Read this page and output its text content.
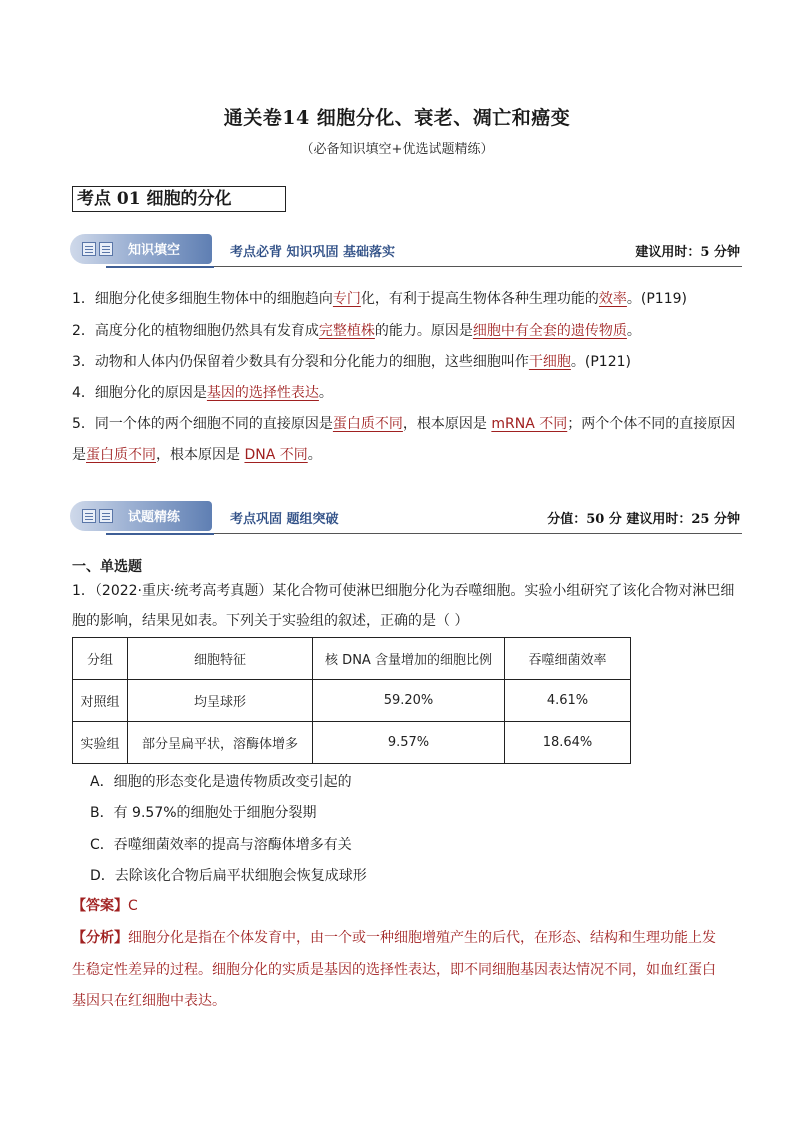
通关卷14 细胞分化、衰老、凋亡和癌变
（必备知识填空+优选试题精练）
考点 01 细胞的分化
知识填空	考点必背 知识巩固 基础落实	建议用时：5 分钟
1．细胞分化使多细胞生物体中的细胞趋向专门化，有利于提高生物体各种生理功能的效率。(P119)
2．高度分化的植物细胞仍然具有发育成完整植株的能力。原因是细胞中有全套的遗传物质。
3．动物和人体内仍保留着少数具有分裂和分化能力的细胞，这些细胞叫作干细胞。(P121)
4．细胞分化的原因是基因的选择性表达。
5．同一个体的两个细胞不同的直接原因是蛋白质不同，根本原因是 mRNA 不同；两个个体不同的直接原因
是蛋白质不同，根本原因是 DNA 不同。
试题精练	考点巩固 题组突破	分值：50 分 建议用时：25 分钟
一、单选题
1．（2022·重庆·统考高考真题）某化合物可使淋巴细胞分化为吞噬细胞。实验小组研究了该化合物对淋巴细
胞的影响，结果见如表。下列关于实验组的叙述，正确的是（ ）
分组	细胞特征	核 DNA 含量增加的细胞比例	吞噬细菌效率
对照组	均呈球形	59.20%	4.61%
实验组	部分呈扁平状，溶酶体增多	9.57%	18.64%
A．细胞的形态变化是遗传物质改变引起的
B．有 9.57%的细胞处于细胞分裂期
C．吞噬细菌效率的提高与溶酶体增多有关
D．去除该化合物后扁平状细胞会恢复成球形
【答案】C
【分析】细胞分化是指在个体发育中，由一个或一种细胞增殖产生的后代，在形态、结构和生理功能上发
生稳定性差异的过程。细胞分化的实质是基因的选择性表达，即不同细胞基因表达情况不同，如血红蛋白
基因只在红细胞中表达。
